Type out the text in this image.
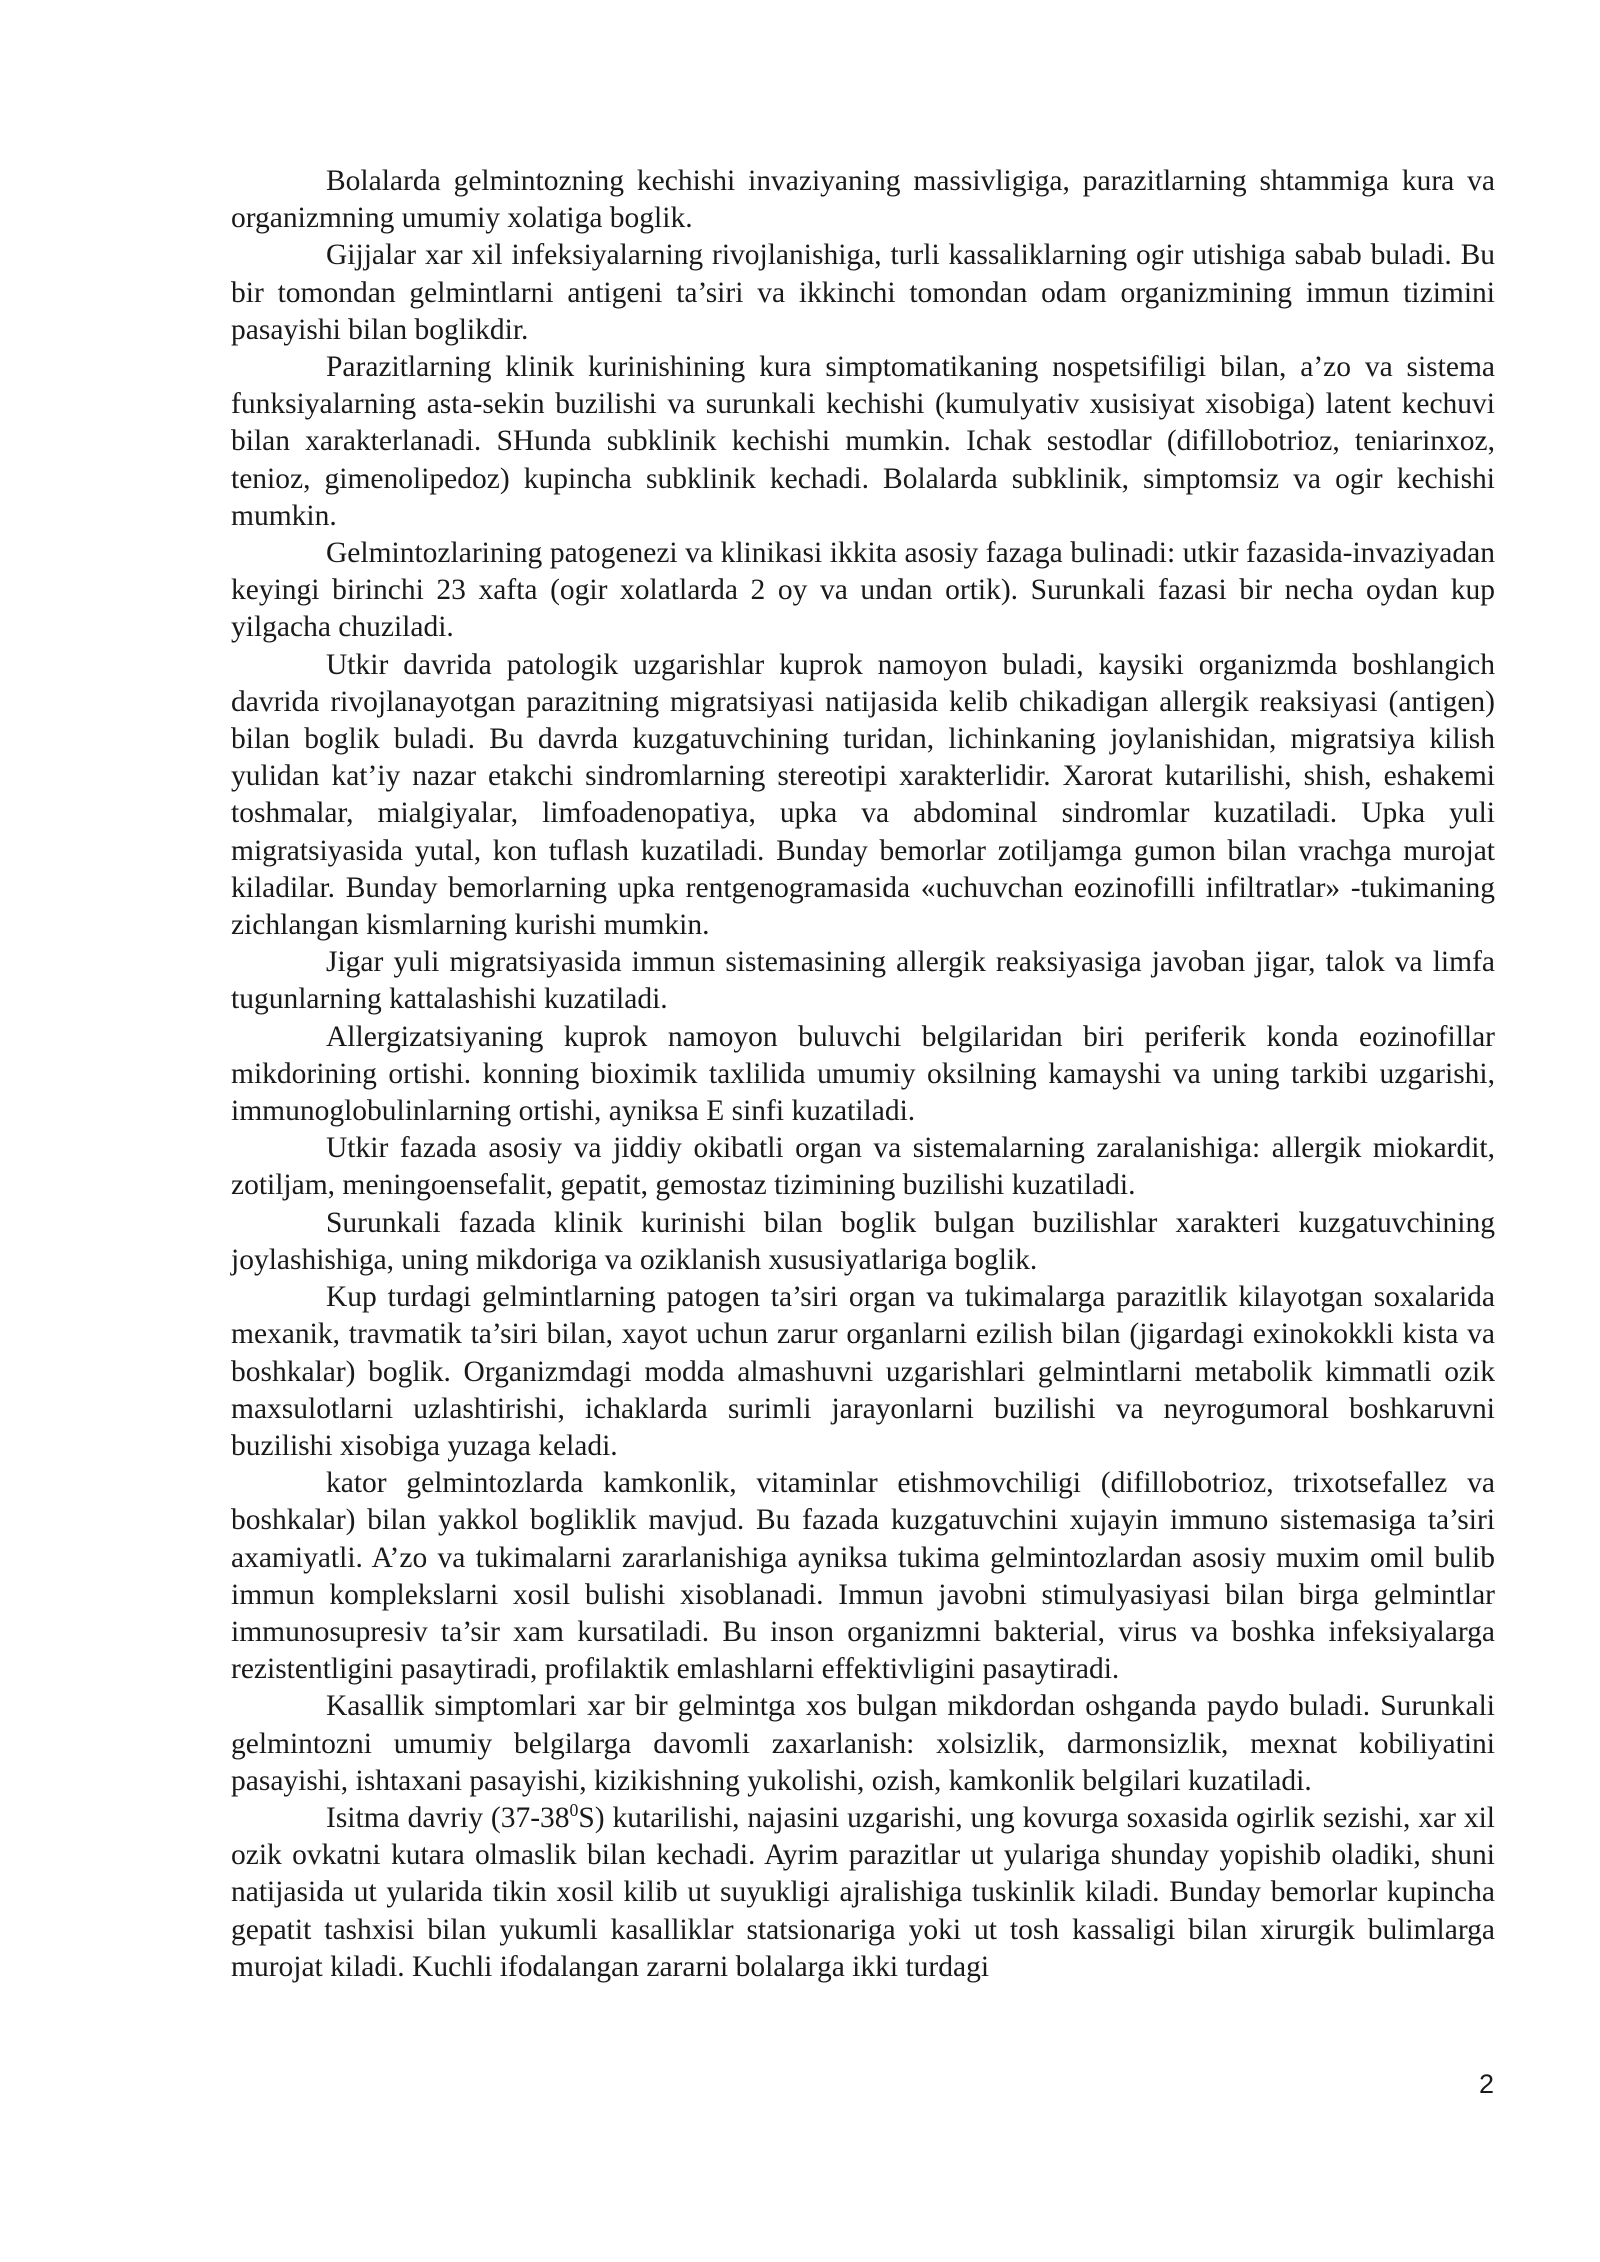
Bolalarda gelmintozning kechishi invaziyaning massivligiga, parazitlarning shtammiga kura va organizmning umumiy xolatiga boglik.

Gijjalar xar xil infeksiyalarning rivojlanishiga, turli kassaliklarning ogir utishiga sabab buladi. Bu bir tomondan gelmintlarni antigeni ta’siri va ikkinchi tomondan odam organizmining immun tizimini pasayishi bilan boglikdir.

Parazitlarning klinik kurinishining kura simptomatikaning nospetsifiligi bilan, a’zo va sistema funksiyalarning asta-sekin buzilishi va surunkali kechishi (kumulyativ xusisiyat xisobiga) latent kechuvi bilan xarakterlanadi. SHunda subklinik kechishi mumkin. Ichak sestodlar (difillobotrioz, teniarinxoz, tenioz, gimenolipedoz) kupincha subklinik kechadi. Bolalarda subklinik, simptomsiz va ogir kechishi mumkin.

Gelmintozlarining patogenezi va klinikasi ikkita asosiy fazaga bulinadi: utkir fazasida-invaziyadan keyingi birinchi 23 xafta (ogir xolatlarda 2 oy va undan ortik). Surunkali fazasi bir necha oydan kup yilgacha chuziladi.

Utkir davrida patologik uzgarishlar kuprok namoyon buladi, kaysiki organizmda boshlangich davrida rivojlanayotgan parazitning migratsiyasi natijasida kelib chikadigan allergik reaksiyasi (antigen) bilan boglik buladi. Bu davrda kuzgatuvchining turidan, lichinkaning joylanishidan, migratsiya kilish yulidan kat’iy nazar etakchi sindromlarning stereotipi xarakterlidir. Xarorat kutarilishi, shish, eshakemi toshmalar, mialgiyalar, limfoadenopatiya, upka va abdominal sindromlar kuzatiladi. Upka yuli migratsiyasida yutal, kon tuflash kuzatiladi. Bunday bemorlar zotiljamga gumon bilan vrachga murojat kiladilar. Bunday bemorlarning upka rentgenogramasida «uchuvchan eozinofilli infiltratlar» -tukimaning zichlangan kismlarning kurishi mumkin.

Jigar yuli migratsiyasida immun sistemasining allergik reaksiyasiga javoban jigar, talok va limfa tugunlarning kattalashishi kuzatiladi.

Allergizatsiyaning kuprok namoyon buluvchi belgilaridan biri periferik konda eozinofillar mikdorining ortishi. konning bioximik taxlilida umumiy oksilning kamayshi va uning tarkibi uzgarishi, immunoglobulinlarning ortishi, ayniksa E sinfi kuzatiladi.

Utkir fazada asosiy va jiddiy okibatli organ va sistemalarning zaralanishiga: allergik miokardit, zotiljam, meningoensefalit, gepatit, gemostaz tizimining buzilishi kuzatiladi.

Surunkali fazada klinik kurinishi bilan boglik bulgan buzilishlar xarakteri kuzgatuvchining joylashishiga, uning mikdoriga va oziklanish xususiyatlariga boglik.

Kup turdagi gelmintlarning patogen ta’siri organ va tukimalarga parazitlik kilayotgan soxalarida mexanik, travmatik ta’siri bilan, xayot uchun zarur organlarni ezilish bilan (jigardagi exinokokkli kista va boshkalar) boglik. Organizmdagi modda almashuvni uzgarishlari gelmintlarni metabolik kimmatli ozik maxsulotlarni uzlashtirishi, ichaklarda surimli jarayonlarni buzilishi va neyrogumoral boshkaruvni buzilishi xisobiga yuzaga keladi.

kator gelmintozlarda kamkonlik, vitaminlar etishmovchiligi (difillobotrioz, trixotsefallez va boshkalar) bilan yakkol bogliklik mavjud. Bu fazada kuzgatuvchini xujayin immuno sistemasiga ta’siri axamiyatli. A’zo va tukimalarni zararlanishiga ayniksa tukima gelmintozlardan asosiy muxim omil bulib immun komplekslarni xosil bulishi xisoblanadi. Immun javobni stimulyasiyasi bilan birga gelmintlar immunosupresiv ta’sir xam kursatiladi. Bu inson organizmni bakterial, virus va boshka infeksiyalarga rezistentligini pasaytiradi, profilaktik emlashlarni effektivligini pasaytiradi.

Kasallik simptomlari xar bir gelmintga xos bulgan mikdordan oshganda paydo buladi. Surunkali gelmintozni umumiy belgilarga davomli zaxarlanish: xolsizlik, darmonsizlik, mexnat kobiliyatini pasayishi, ishtaxani pasayishi, kizikishning yukolishi, ozish, kamkonlik belgilari kuzatiladi.

Isitma davriy $(37-38^0S)$ kutarilishi, najasini uzgarishi, ung kovurga soxasida ogirlik sezishi, xar xil ozik ovkatni kutara olmaslik bilan kechadi. Ayrim parazitlar ut yulariga shunday yopishib oladiki, shuni natijasida ut yularida tikin xosil kilib ut suyukligi ajralishiga tuskinlik kiladi. Bunday bemorlar kupincha gepatit tashxisi bilan yukumli kasalliklar statsionariga yoki ut tosh kassaligi bilan xirurgik bulimlarga murojat kiladi. Kuchli ifodalangan zararni bolalarga ikki turdagi

2
